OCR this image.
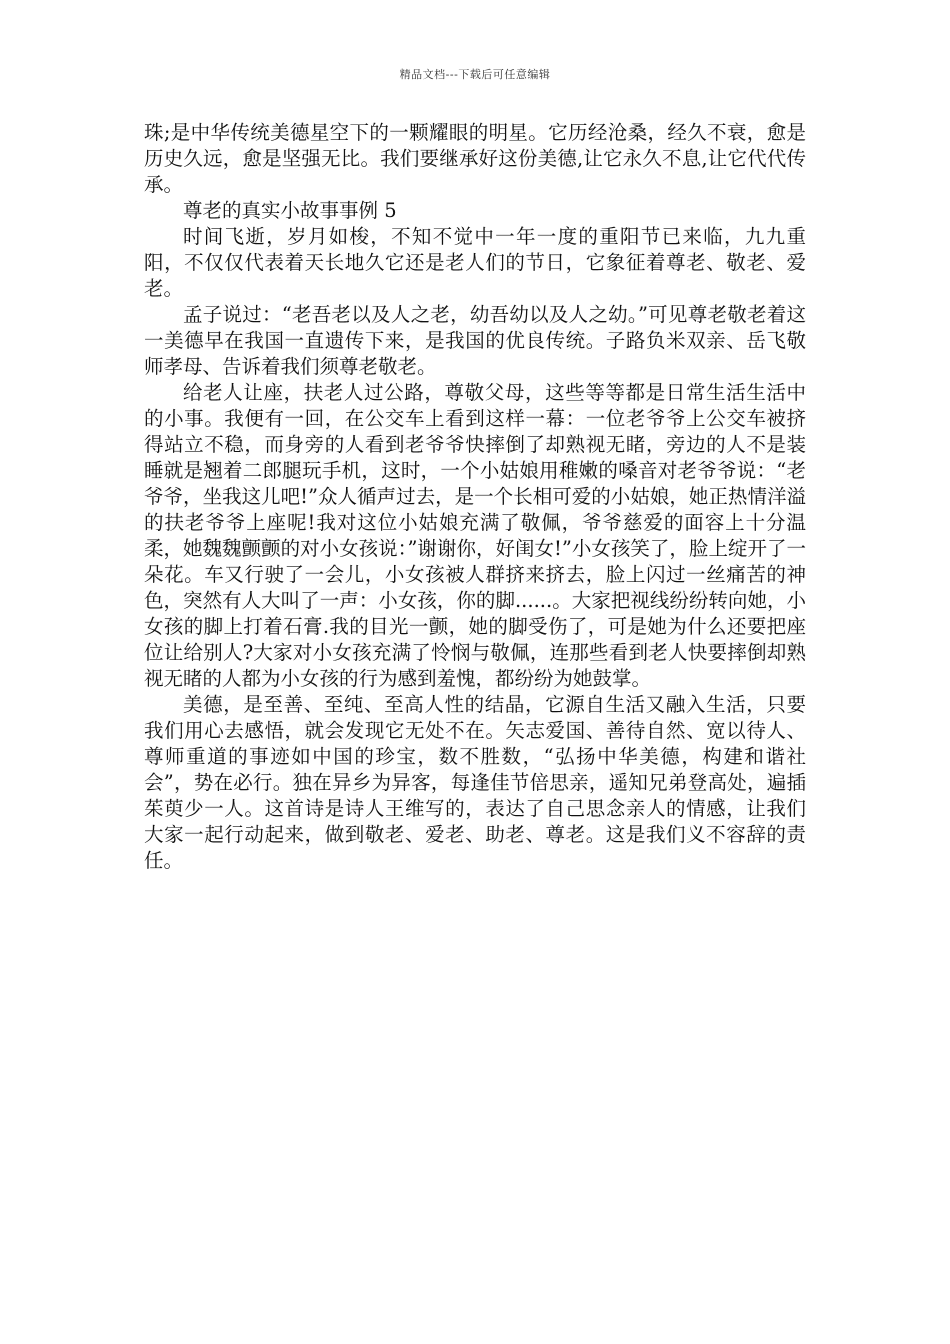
精品文档---下载后可任意编辑

珠;是中华传统美德星空下的一颗耀眼的明星。它历经沧桑，经久不衰，愈是历史久远，愈是坚强无比。我们要继承好这份美德,让它永久不息,让它代代传承。

尊老的真实小故事事例 5

时间飞逝，岁月如梭，不知不觉中一年一度的重阳节已来临，九九重阳，不仅仅代表着天长地久它还是老人们的节日，它象征着尊老、敬老、爱老。

孟子说过：“老吾老以及人之老，幼吾幼以及人之幼。”可见尊老敬老着这一美德早在我国一直遗传下来，是我国的优良传统。子路负米双亲、岳飞敬师孝母、告诉着我们须尊老敬老。

给老人让座，扶老人过公路，尊敬父母，这些等等都是日常生活生活中的小事。我便有一回，在公交车上看到这样一幕：一位老爷爷上公交车被挤得站立不稳，而身旁的人看到老爷爷快摔倒了却熟视无睹，旁边的人不是装睡就是翘着二郎腿玩手机，这时，一个小姑娘用稚嫩的嗓音对老爷爷说：“老爷爷，坐我这儿吧!”众人循声过去，是一个长相可爱的小姑娘，她正热情洋溢的扶老爷爷上座呢!我对这位小姑娘充满了敬佩，爷爷慈爱的面容上十分温柔，她魏魏颤颤的对小女孩说：”谢谢你，好闺女!”小女孩笑了，脸上绽开了一朵花。车又行驶了一会儿，小女孩被人群挤来挤去，脸上闪过一丝痛苦的神色，突然有人大叫了一声：小女孩，你的脚......。大家把视线纷纷转向她，小女孩的脚上打着石膏.我的目光一颤，她的脚受伤了，可是她为什么还要把座位让给别人?大家对小女孩充满了怜悯与敬佩，连那些看到老人快要摔倒却熟视无睹的人都为小女孩的行为感到羞愧，都纷纷为她鼓掌。

美德，是至善、至纯、至高人性的结晶，它源自生活又融入生活，只要我们用心去感悟，就会发现它无处不在。矢志爱国、善待自然、宽以待人、尊师重道的事迹如中国的珍宝，数不胜数，“弘扬中华美德，构建和谐社会”，势在必行。独在异乡为异客，每逢佳节倍思亲，遥知兄弟登高处，遍插茱萸少一人。这首诗是诗人王维写的，表达了自己思念亲人的情感，让我们大家一起行动起来，做到敬老、爱老、助老、尊老。这是我们义不容辞的责任。
